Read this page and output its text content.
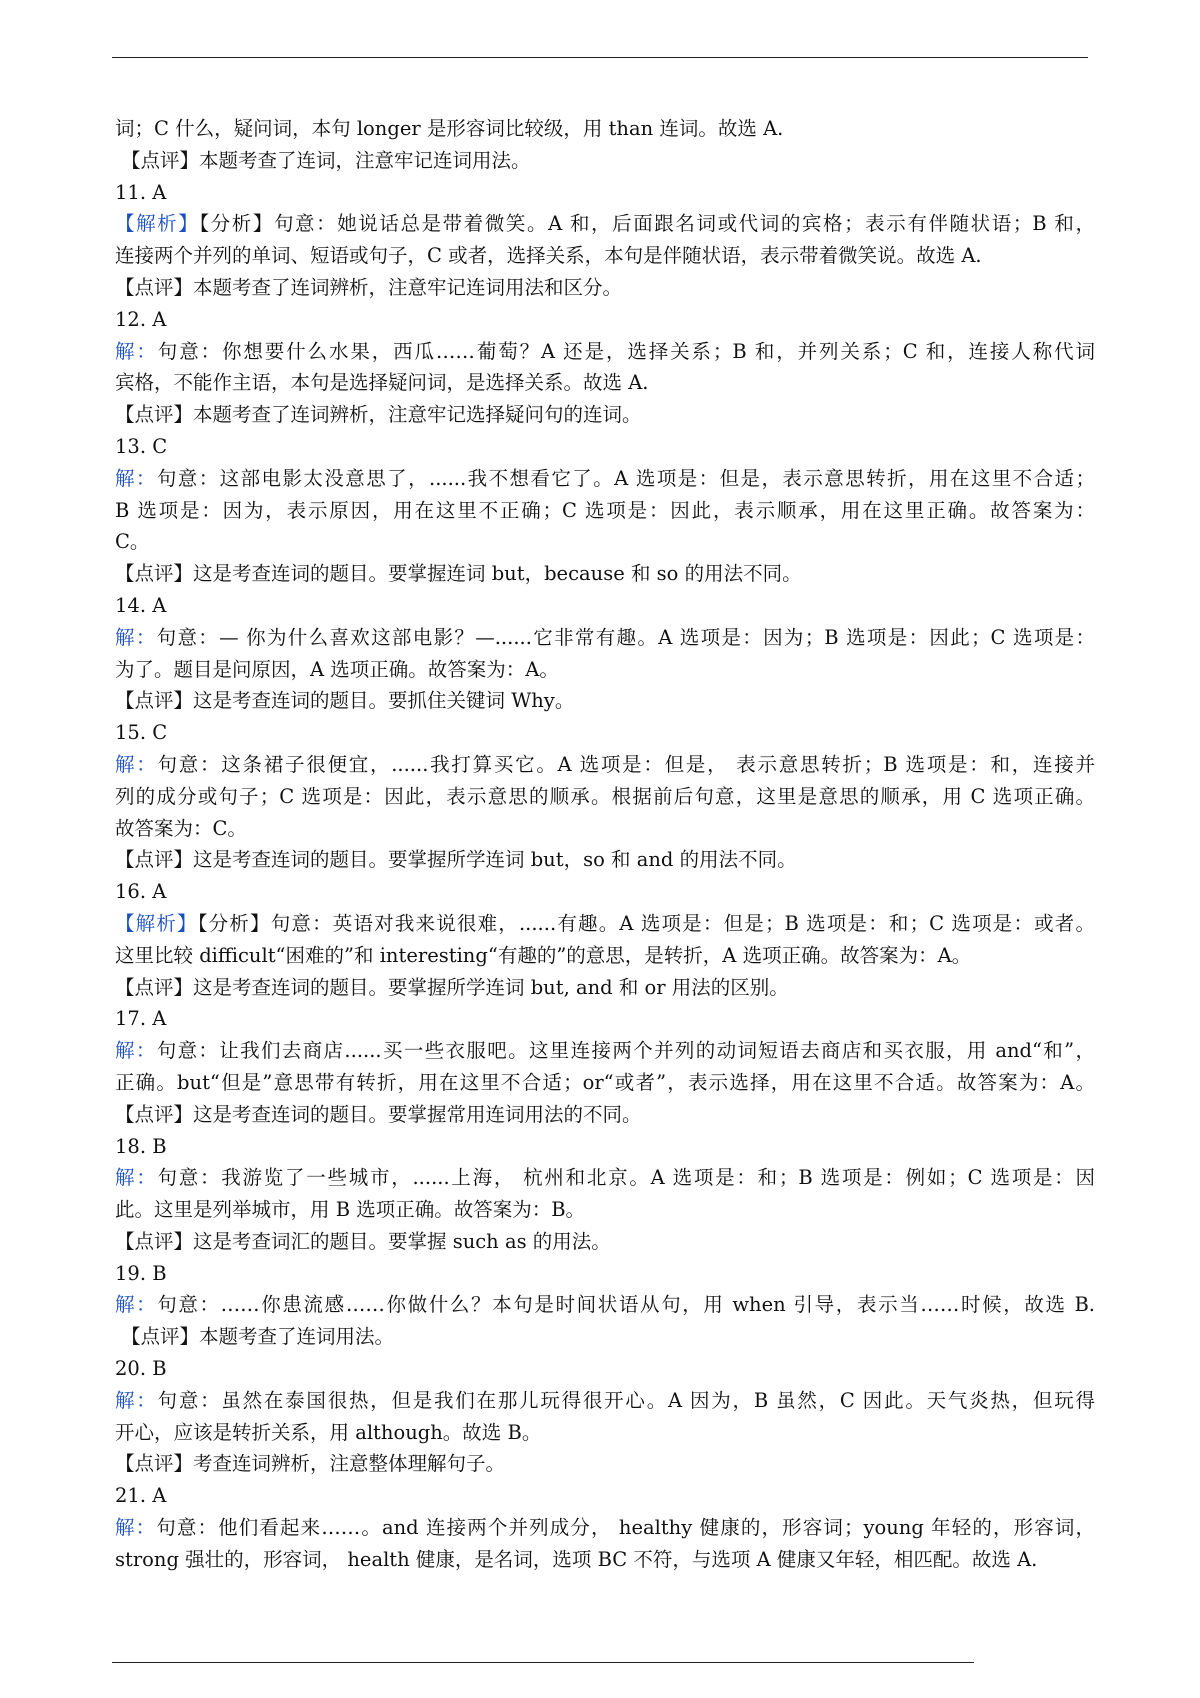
词；C 什么，疑问词，本句 longer 是形容词比较级，用 than 连词。故选 A.
【点评】本题考查了连词，注意牢记连词用法。
11. A
【解析】【分析】句意：她说话总是带着微笑。A 和，后面跟名词或代词的宾格；表示有伴随状语；B 和，
连接两个并列的单词、短语或句子，C 或者，选择关系，本句是伴随状语，表示带着微笑说。故选 A.
【点评】本题考查了连词辨析，注意牢记连词用法和区分。
12. A
解：句意：你想要什么水果，西瓜……葡萄？A 还是，选择关系；B 和，并列关系；C 和，连接人称代词
宾格，不能作主语，本句是选择疑问词，是选择关系。故选 A.
【点评】本题考查了连词辨析，注意牢记选择疑问句的连词。
13. C
解：句意：这部电影太没意思了，......我不想看它了。A 选项是：但是，表示意思转折，用在这里不合适；
B 选项是：因为，表示原因，用在这里不正确；C 选项是：因此，表示顺承，用在这里正确。故答案为：
C。
【点评】这是考查连词的题目。要掌握连词 but，because 和 so 的用法不同。
14. A
解：句意：— 你为什么喜欢这部电影？—......它非常有趣。A 选项是：因为；B 选项是：因此；C 选项是：
为了。题目是问原因，A 选项正确。故答案为：A。
【点评】这是考查连词的题目。要抓住关键词 Why。
15. C
解：句意：这条裙子很便宜，......我打算买它。A 选项是：但是， 表示意思转折；B 选项是：和，连接并
列的成分或句子；C 选项是：因此，表示意思的顺承。根据前后句意，这里是意思的顺承，用 C 选项正确。
故答案为：C。
【点评】这是考查连词的题目。要掌握所学连词 but，so 和 and 的用法不同。
16. A
【解析】【分析】句意：英语对我来说很难，......有趣。A 选项是：但是；B 选项是：和；C 选项是：或者。
这里比较 difficult“困难的”和 interesting“有趣的”的意思，是转折，A 选项正确。故答案为：A。
【点评】这是考查连词的题目。要掌握所学连词 but, and 和 or 用法的区别。
17. A
解：句意：让我们去商店......买一些衣服吧。这里连接两个并列的动词短语去商店和买衣服，用 and“和”，
正确。but“但是”意思带有转折，用在这里不合适；or“或者”，表示选择，用在这里不合适。故答案为：A。
【点评】这是考查连词的题目。要掌握常用连词用法的不同。
18. B
解：句意：我游览了一些城市，......上海， 杭州和北京。A 选项是：和；B 选项是：例如；C 选项是：因
此。这里是列举城市，用 B 选项正确。故答案为：B。
【点评】这是考查词汇的题目。要掌握 such as 的用法。
19. B
解：句意：……你患流感……你做什么？本句是时间状语从句，用 when 引导，表示当……时候，故选 B.
【点评】本题考查了连词用法。
20. B
解：句意：虽然在泰国很热，但是我们在那儿玩得很开心。A 因为，B 虽然，C 因此。天气炎热，但玩得
开心，应该是转折关系，用 although。故选 B。
【点评】考查连词辨析，注意整体理解句子。
21. A
解：句意：他们看起来……。and 连接两个并列成分， healthy 健康的，形容词；young 年轻的，形容词，
strong 强壮的，形容词， health 健康，是名词，选项 BC 不符，与选项 A 健康又年轻，相匹配。故选 A.
